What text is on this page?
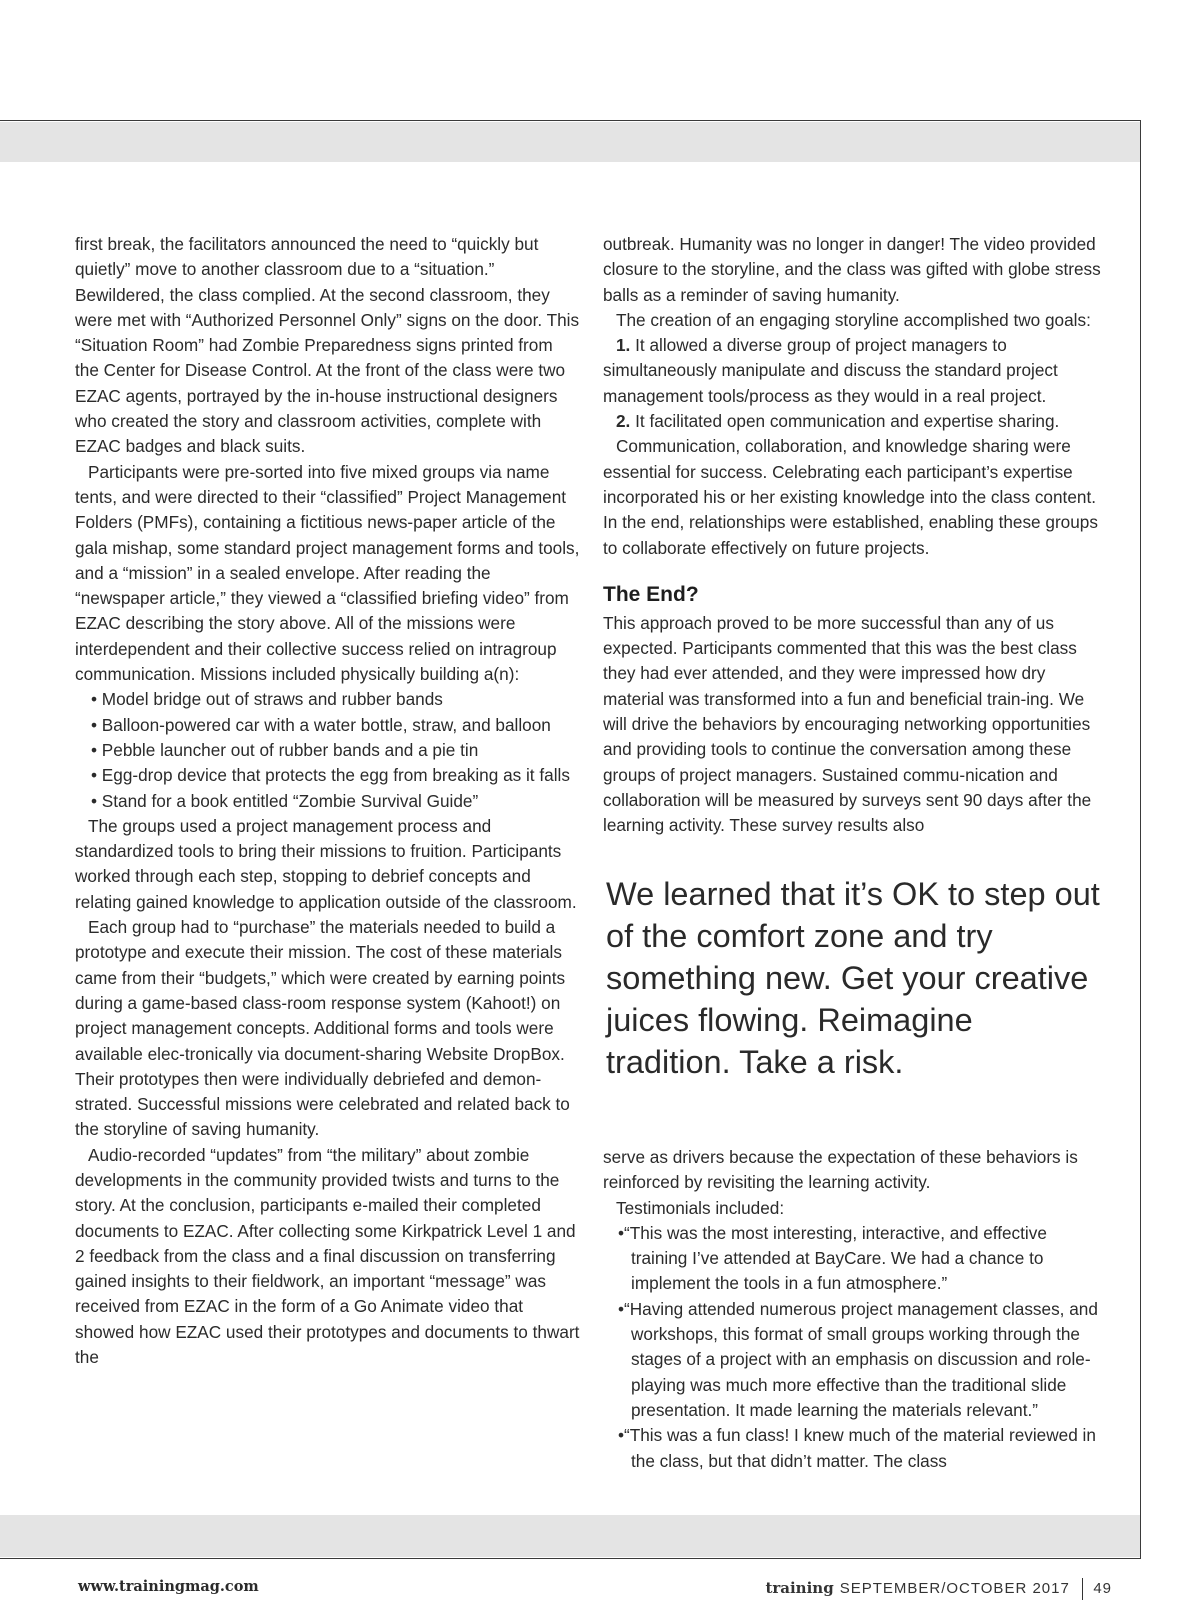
first break, the facilitators announced the need to “quickly but quietly” move to another classroom due to a “situation.” Bewildered, the class complied. At the second classroom, they were met with “Authorized Personnel Only” signs on the door. This “Situation Room” had Zombie Preparedness signs printed from the Center for Disease Control. At the front of the class were two EZAC agents, portrayed by the in-house instructional designers who created the story and classroom activities, complete with EZAC badges and black suits.

Participants were pre-sorted into five mixed groups via name tents, and were directed to their “classified” Project Management Folders (PMFs), containing a fictitious news-paper article of the gala mishap, some standard project management forms and tools, and a “mission” in a sealed envelope. After reading the “newspaper article,” they viewed a “classified briefing video” from EZAC describing the story above. All of the missions were interdependent and their collective success relied on intragroup communication. Missions included physically building a(n):

• Model bridge out of straws and rubber bands

• Balloon-powered car with a water bottle, straw, and balloon

• Pebble launcher out of rubber bands and a pie tin

• Egg-drop device that protects the egg from breaking as it falls

• Stand for a book entitled “Zombie Survival Guide”

The groups used a project management process and standardized tools to bring their missions to fruition. Participants worked through each step, stopping to debrief concepts and relating gained knowledge to application outside of the classroom.

Each group had to “purchase” the materials needed to build a prototype and execute their mission. The cost of these materials came from their “budgets,” which were created by earning points during a game-based class-room response system (Kahoot!) on project management concepts. Additional forms and tools were available elec-tronically via document-sharing Website DropBox. Their prototypes then were individually debriefed and demon-strated. Successful missions were celebrated and related back to the storyline of saving humanity.

Audio-recorded “updates” from “the military” about zombie developments in the community provided twists and turns to the story. At the conclusion, participants e-mailed their completed documents to EZAC. After collecting some Kirkpatrick Level 1 and 2 feedback from the class and a final discussion on transferring gained insights to their fieldwork, an important “message” was received from EZAC in the form of a Go Animate video that showed how EZAC used their prototypes and documents to thwart the

outbreak. Humanity was no longer in danger! The video provided closure to the storyline, and the class was gifted with globe stress balls as a reminder of saving humanity.

The creation of an engaging storyline accomplished two goals:

1. It allowed a diverse group of project managers to simultaneously manipulate and discuss the standard project management tools/process as they would in a real project.

2. It facilitated open communication and expertise sharing.

Communication, collaboration, and knowledge sharing were essential for success. Celebrating each participant’s expertise incorporated his or her existing knowledge into the class content. In the end, relationships were established, enabling these groups to collaborate effectively on future projects.

The End?

This approach proved to be more successful than any of us expected. Participants commented that this was the best class they had ever attended, and they were impressed how dry material was transformed into a fun and beneficial train-ing. We will drive the behaviors by encouraging networking opportunities and providing tools to continue the conversation among these groups of project managers. Sustained commu-nication and collaboration will be measured by surveys sent 90 days after the learning activity. These survey results also

We learned that it’s OK to step out of the comfort zone and try something new. Get your creative juices flowing. Reimagine tradition. Take a risk.

serve as drivers because the expectation of these behaviors is reinforced by revisiting the learning activity.

Testimonials included:

•“This was the most interesting, interactive, and effective training I’ve attended at BayCare. We had a chance to implement the tools in a fun atmosphere.”

•“Having attended numerous project management classes, and workshops, this format of small groups working through the stages of a project with an emphasis on discussion and role-playing was much more effective than the traditional slide presentation. It made learning the materials relevant.”

•“This was a fun class! I knew much of the material reviewed in the class, but that didn’t matter. The class

www.trainingmag.com	training SEPTEMBER/OCTOBER 2017 49
